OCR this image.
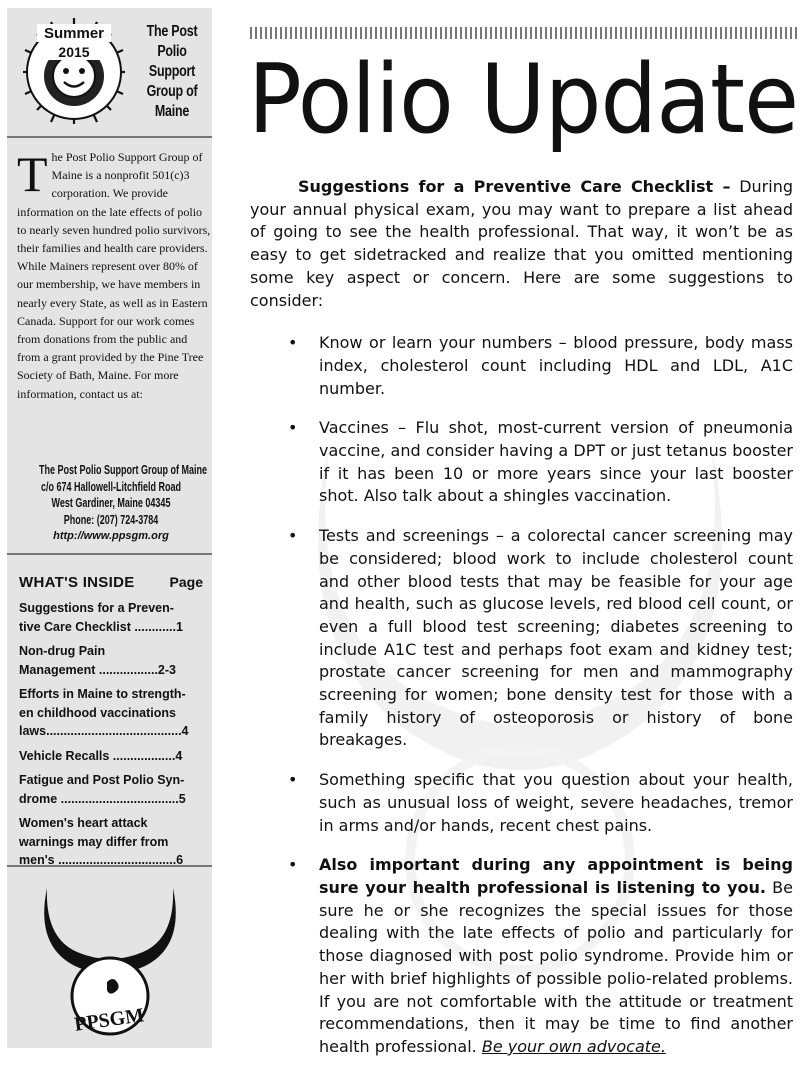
Summer
2015
The Post
Polio
Support
Group of
Maine
T he Post Polio Support Group of Maine is a nonprofit 501(c)3 corporation. We provide information on the late effects of polio to nearly seven hundred polio survivors, their families and health care providers. While Mainers represent over 80% of our membership, we have members in nearly every State, as well as in Eastern Canada. Support for our work comes from donations from the public and from a grant provided by the Pine Tree Society of Bath, Maine. For more information, contact us at:

The Post Polio Support Group of Maine
c/o 674 Hallowell-Litchfield Road
West Gardiner, Maine 04345
Phone: (207) 724-3784
http://www.ppsgm.org
WHAT'S INSIDE	Page
Suggestions for a Preven-
tive Care Checklist ............1
Non-drug Pain
Management .................2-3
Efforts in Maine to strength-
en childhood vaccinations
laws.......................................4
Vehicle Recalls ..................4
Fatigue and Post Polio Syn-
drome ..................................5
Women's heart attack
warnings may differ from
men's ..................................6
PPSGM
Polio Update

Suggestions for a Preventive Care Checklist – During your annual physical exam, you may want to prepare a list ahead of going to see the health professional. That way, it won’t be as easy to get sidetracked and realize that you omitted mentioning some key aspect or concern. Here are some suggestions to consider:

• Know or learn your numbers – blood pressure, body mass index, cholesterol count including HDL and LDL, A1C number.
• Vaccines – Flu shot, most-current version of pneumonia vaccine, and consider having a DPT or just tetanus booster if it has been 10 or more years since your last booster shot. Also talk about a shingles vaccination.
• Tests and screenings – a colorectal cancer screening may be considered; blood work to include cholesterol count and other blood tests that may be feasible for your age and health, such as glucose levels, red blood cell count, or even a full blood test screening; diabetes screening to include A1C test and perhaps foot exam and kidney test; prostate cancer screening for men and mammography screening for women; bone density test for those with a family history of osteoporosis or history of bone breakages.
• Something specific that you question about your health, such as unusual loss of weight, severe headaches, tremor in arms and/or hands, recent chest pains.
• Also important during any appointment is being sure your health professional is listening to you. Be sure he or she recognizes the special issues for those dealing with the late effects of polio and particularly for those diagnosed with post polio syndrome. Provide him or her with brief highlights of possible polio-related problems. If you are not comfortable with the attitude or treatment recommendations, then it may be time to find another health professional. Be your own advocate.
